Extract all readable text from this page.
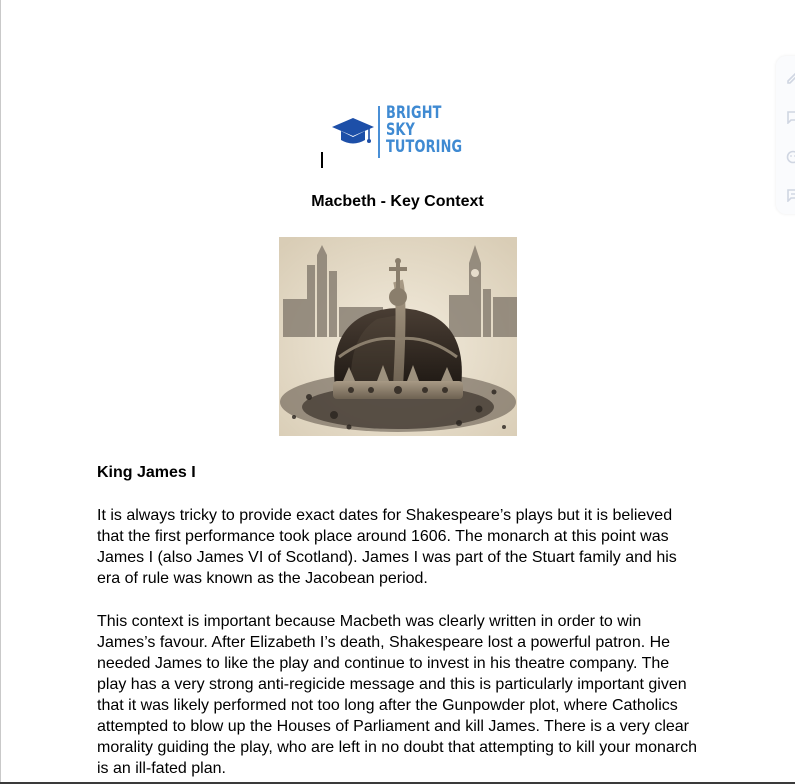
BRIGHT
SKY
TUTORING
Macbeth - Key Context
King James I

It is always tricky to provide exact dates for Shakespeare’s plays but it is believed
that the first performance took place around 1606. The monarch at this point was
James I (also James VI of Scotland). James I was part of the Stuart family and his
era of rule was known as the Jacobean period.

This context is important because Macbeth was clearly written in order to win
James’s favour. After Elizabeth I’s death, Shakespeare lost a powerful patron. He
needed James to like the play and continue to invest in his theatre company. The
play has a very strong anti-regicide message and this is particularly important given
that it was likely performed not too long after the Gunpowder plot, where Catholics
attempted to blow up the Houses of Parliament and kill James. There is a very clear
morality guiding the play, who are left in no doubt that attempting to kill your monarch
is an ill-fated plan.
